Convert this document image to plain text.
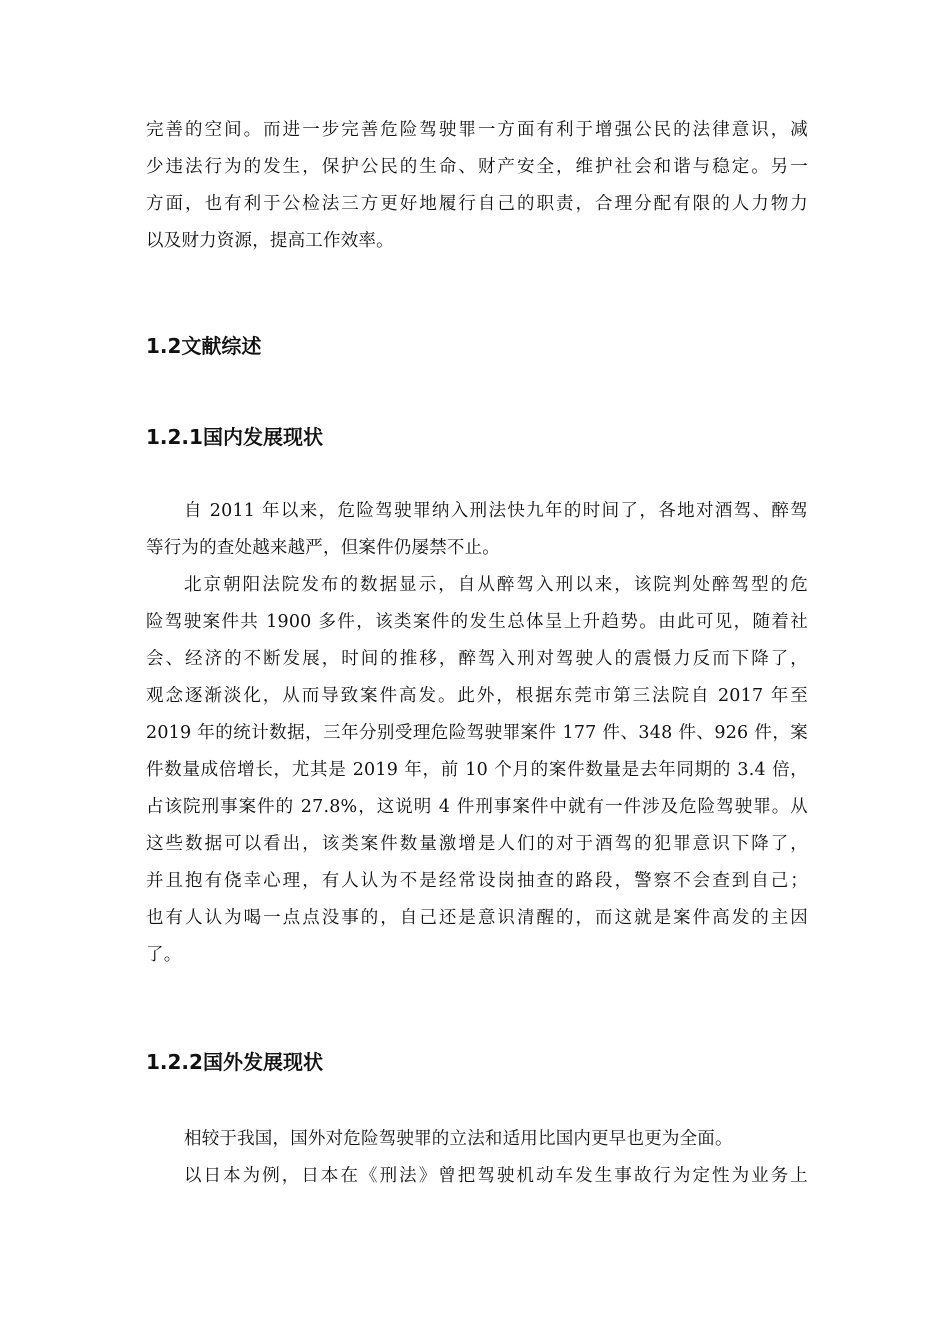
完善的空间。而进一步完善危险驾驶罪一方面有利于增强公民的法律意识，减
少违法行为的发生，保护公民的生命、财产安全，维护社会和谐与稳定。另一
方面，也有利于公检法三方更好地履行自己的职责，合理分配有限的人力物力
以及财力资源，提高工作效率。
1.2文献综述
1.2.1国内发展现状
自 2011 年以来，危险驾驶罪纳入刑法快九年的时间了，各地对酒驾、醉驾
等行为的查处越来越严，但案件仍屡禁不止。
北京朝阳法院发布的数据显示，自从醉驾入刑以来，该院判处醉驾型的危
险驾驶案件共 1900 多件，该类案件的发生总体呈上升趋势。由此可见，随着社
会、经济的不断发展，时间的推移，醉驾入刑对驾驶人的震慑力反而下降了，
观念逐渐淡化，从而导致案件高发。此外，根据东莞市第三法院自 2017 年至
2019 年的统计数据，三年分别受理危险驾驶罪案件 177 件、348 件、926 件，案
件数量成倍增长，尤其是 2019 年，前 10 个月的案件数量是去年同期的 3.4 倍，
占该院刑事案件的 27.8%，这说明 4 件刑事案件中就有一件涉及危险驾驶罪。从
这些数据可以看出，该类案件数量激增是人们的对于酒驾的犯罪意识下降了，
并且抱有侥幸心理，有人认为不是经常设岗抽查的路段，警察不会查到自己；
也有人认为喝一点点没事的，自己还是意识清醒的，而这就是案件高发的主因
了。
1.2.2国外发展现状
相较于我国，国外对危险驾驶罪的立法和适用比国内更早也更为全面。
以日本为例，日本在《刑法》曾把驾驶机动车发生事故行为定性为业务上
